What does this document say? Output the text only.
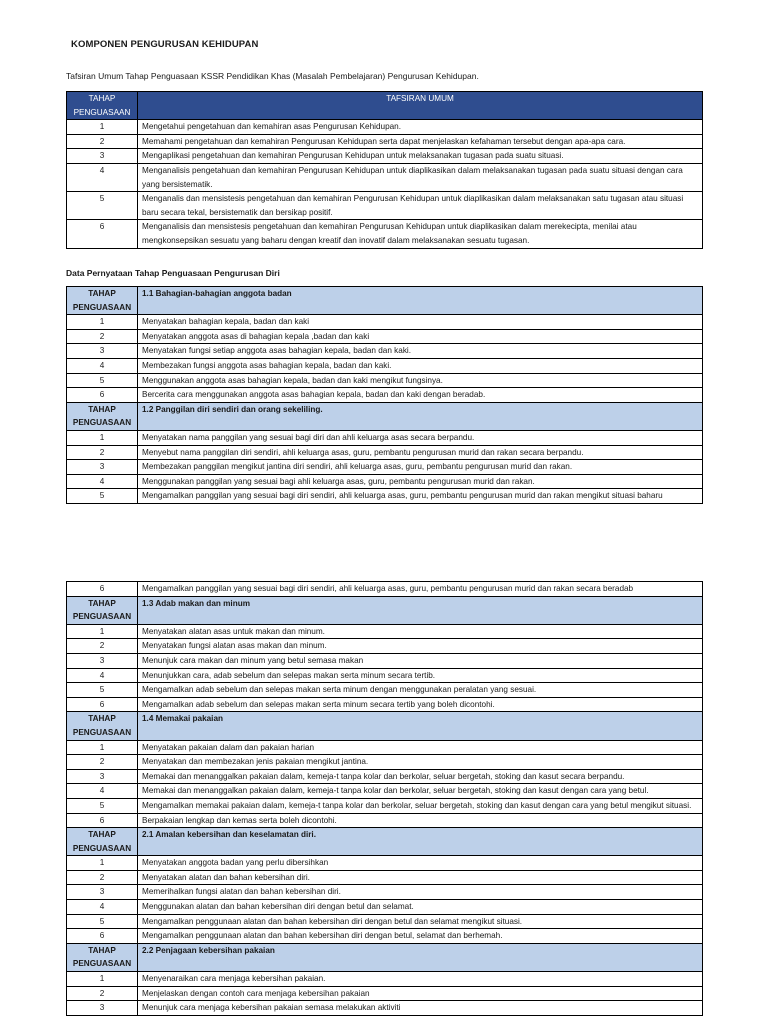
KOMPONEN PENGURUSAN KEHIDUPAN
Tafsiran Umum Tahap Penguasaan KSSR Pendidikan Khas (Masalah Pembelajaran) Pengurusan Kehidupan.
TAHAP PENGUASAAN	TAFSIRAN UMUM
1	Mengetahui pengetahuan dan kemahiran asas Pengurusan Kehidupan.
2	Memahami pengetahuan dan kemahiran Pengurusan Kehidupan serta dapat menjelaskan kefahaman tersebut dengan apa-apa cara.
3	Mengaplikasi pengetahuan dan kemahiran Pengurusan Kehidupan untuk melaksanakan tugasan pada suatu situasi.
4	Menganalisis pengetahuan dan kemahiran Pengurusan Kehidupan untuk diaplikasikan dalam melaksanakan tugasan pada suatu situasi dengan cara yang bersistematik.
5	Menganalis dan mensistesis pengetahuan dan kemahiran Pengurusan Kehidupan untuk diaplikasikan dalam melaksanakan satu tugasan atau situasi baru secara tekal, bersistematik dan bersikap positif.
6	Menganalisis dan mensistesis pengetahuan dan kemahiran Pengurusan Kehidupan untuk diaplikasikan dalam merekecipta, menilai atau mengkonsepsikan sesuatu yang baharu dengan kreatif dan inovatif dalam melaksanakan sesuatu tugasan.
Data Pernyataan Tahap Penguasaan Pengurusan Diri
TAHAP PENGUASAAN	1.1 Bahagian-bahagian anggota badan
1	Menyatakan bahagian kepala, badan dan kaki
2	Menyatakan anggota asas di bahagian kepala ,badan dan kaki
3	Menyatakan fungsi setiap anggota asas bahagian kepala, badan dan kaki.
4	Membezakan fungsi anggota asas bahagian kepala, badan dan kaki.
5	Menggunakan anggota asas bahagian kepala, badan dan kaki mengikut fungsinya.
6	Bercerita cara menggunakan anggota asas bahagian kepala, badan dan kaki dengan beradab.
TAHAP PENGUASAAN	1.2 Panggilan diri sendiri dan orang sekeliling.
1	Menyatakan nama panggilan yang sesuai bagi diri dan ahli keluarga asas secara berpandu.
2	Menyebut nama panggilan diri sendiri, ahli keluarga asas, guru, pembantu pengurusan murid dan rakan secara berpandu.
3	Membezakan panggilan mengikut jantina diri sendiri, ahli keluarga asas, guru, pembantu pengurusan murid dan rakan.
4	Menggunakan panggilan yang sesuai bagi ahli keluarga asas, guru, pembantu pengurusan murid dan rakan.
5	Mengamalkan panggilan yang sesuai bagi diri sendiri, ahli keluarga asas, guru, pembantu pengurusan murid dan rakan mengikut situasi baharu
6	Mengamalkan panggilan yang sesuai bagi diri sendiri, ahli keluarga asas, guru, pembantu pengurusan murid dan rakan secara beradab
TAHAP PENGUASAAN	1.3 Adab makan dan minum
1	Menyatakan alatan asas untuk makan dan minum.
2	Menyatakan fungsi alatan asas makan dan minum.
3	Menunjuk cara makan dan minum yang betul semasa makan
4	Menunjukkan cara, adab sebelum dan selepas makan serta minum secara tertib.
5	Mengamalkan adab sebelum dan selepas makan serta minum dengan menggunakan peralatan yang sesuai.
6	Mengamalkan adab sebelum dan selepas makan serta minum secara tertib yang boleh dicontohi.
TAHAP PENGUASAAN	1.4 Memakai pakaian
1	Menyatakan pakaian dalam dan pakaian harian
2	Menyatakan dan membezakan jenis pakaian mengikut jantina.
3	Memakai dan menanggalkan pakaian dalam, kemeja-t tanpa kolar dan berkolar, seluar bergetah, stoking dan kasut secara berpandu.
4	Memakai dan menanggalkan pakaian dalam, kemeja-t tanpa kolar dan berkolar, seluar bergetah, stoking dan kasut dengan cara yang betul.
5	Mengamalkan memakai pakaian dalam, kemeja-t tanpa kolar dan berkolar, seluar bergetah, stoking dan kasut dengan cara yang betul mengikut situasi.
6	Berpakaian lengkap dan kemas serta boleh dicontohi.
TAHAP PENGUASAAN	2.1 Amalan kebersihan dan keselamatan diri.
1	Menyatakan anggota badan yang perlu dibersihkan
2	Menyatakan alatan dan bahan kebersihan diri.
3	Memerihalkan fungsi alatan dan bahan kebersihan diri.
4	Menggunakan alatan dan bahan kebersihan diri dengan betul dan selamat.
5	Mengamalkan penggunaan alatan dan bahan kebersihan diri dengan betul dan selamat mengikut situasi.
6	Mengamalkan penggunaan alatan dan bahan kebersihan diri dengan betul, selamat dan berhemah.
TAHAP PENGUASAAN	2.2 Penjagaan kebersihan pakaian
1	Menyenaraikan cara menjaga kebersihan pakaian.
2	Menjelaskan dengan contoh cara menjaga kebersihan pakaian
3	Menunjuk cara menjaga kebersihan pakaian semasa melakukan aktiviti
